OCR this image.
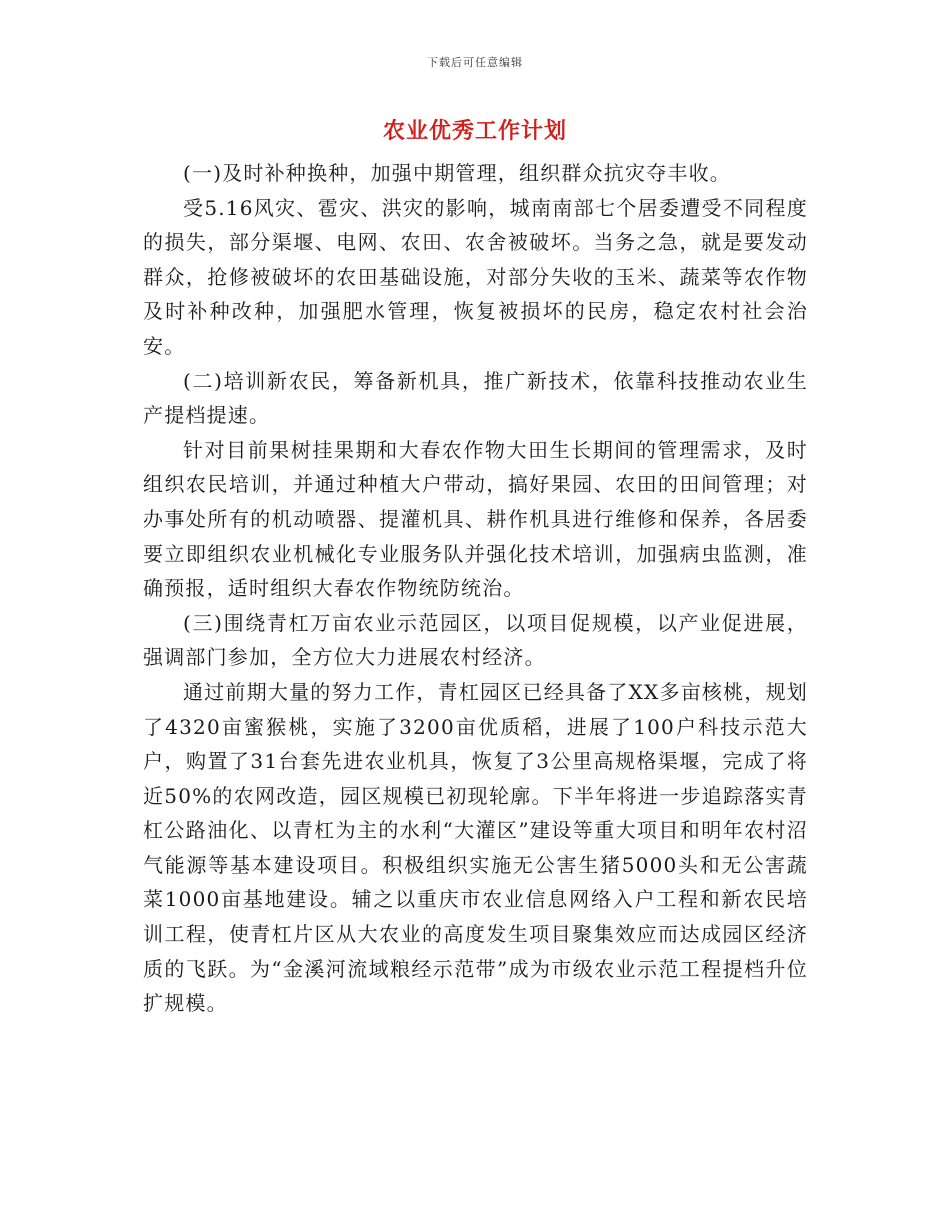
下载后可任意编辑
农业优秀工作计划

(一)及时补种换种，加强中期管理，组织群众抗灾夺丰收。

受5.16风灾、雹灾、洪灾的影响，城南南部七个居委遭受不同程度的损失，部分渠堰、电网、农田、农舍被破坏。当务之急，就是要发动群众，抢修被破坏的农田基础设施，对部分失收的玉米、蔬菜等农作物及时补种改种，加强肥水管理，恢复被损坏的民房，稳定农村社会治安。

(二)培训新农民，筹备新机具，推广新技术，依靠科技推动农业生产提档提速。

针对目前果树挂果期和大春农作物大田生长期间的管理需求，及时组织农民培训，并通过种植大户带动，搞好果园、农田的田间管理；对办事处所有的机动喷器、提灌机具、耕作机具进行维修和保养，各居委要立即组织农业机械化专业服务队并强化技术培训，加强病虫监测，准确预报，适时组织大春农作物统防统治。

(三)围绕青杠万亩农业示范园区，以项目促规模，以产业促进展，强调部门参加，全方位大力进展农村经济。

通过前期大量的努力工作，青杠园区已经具备了XX多亩核桃，规划了4320亩蜜猴桃，实施了3200亩优质稻，进展了100户科技示范大户，购置了31台套先进农业机具，恢复了3公里高规格渠堰，完成了将近50%的农网改造，园区规模已初现轮廓。下半年将进一步追踪落实青杠公路油化、以青杠为主的水利“大灌区”建设等重大项目和明年农村沼气能源等基本建设项目。积极组织实施无公害生猪5000头和无公害蔬菜1000亩基地建设。辅之以重庆市农业信息网络入户工程和新农民培训工程，使青杠片区从大农业的高度发生项目聚集效应而达成园区经济质的飞跃。为“金溪河流域粮经示范带”成为市级农业示范工程提档升位扩规模。
